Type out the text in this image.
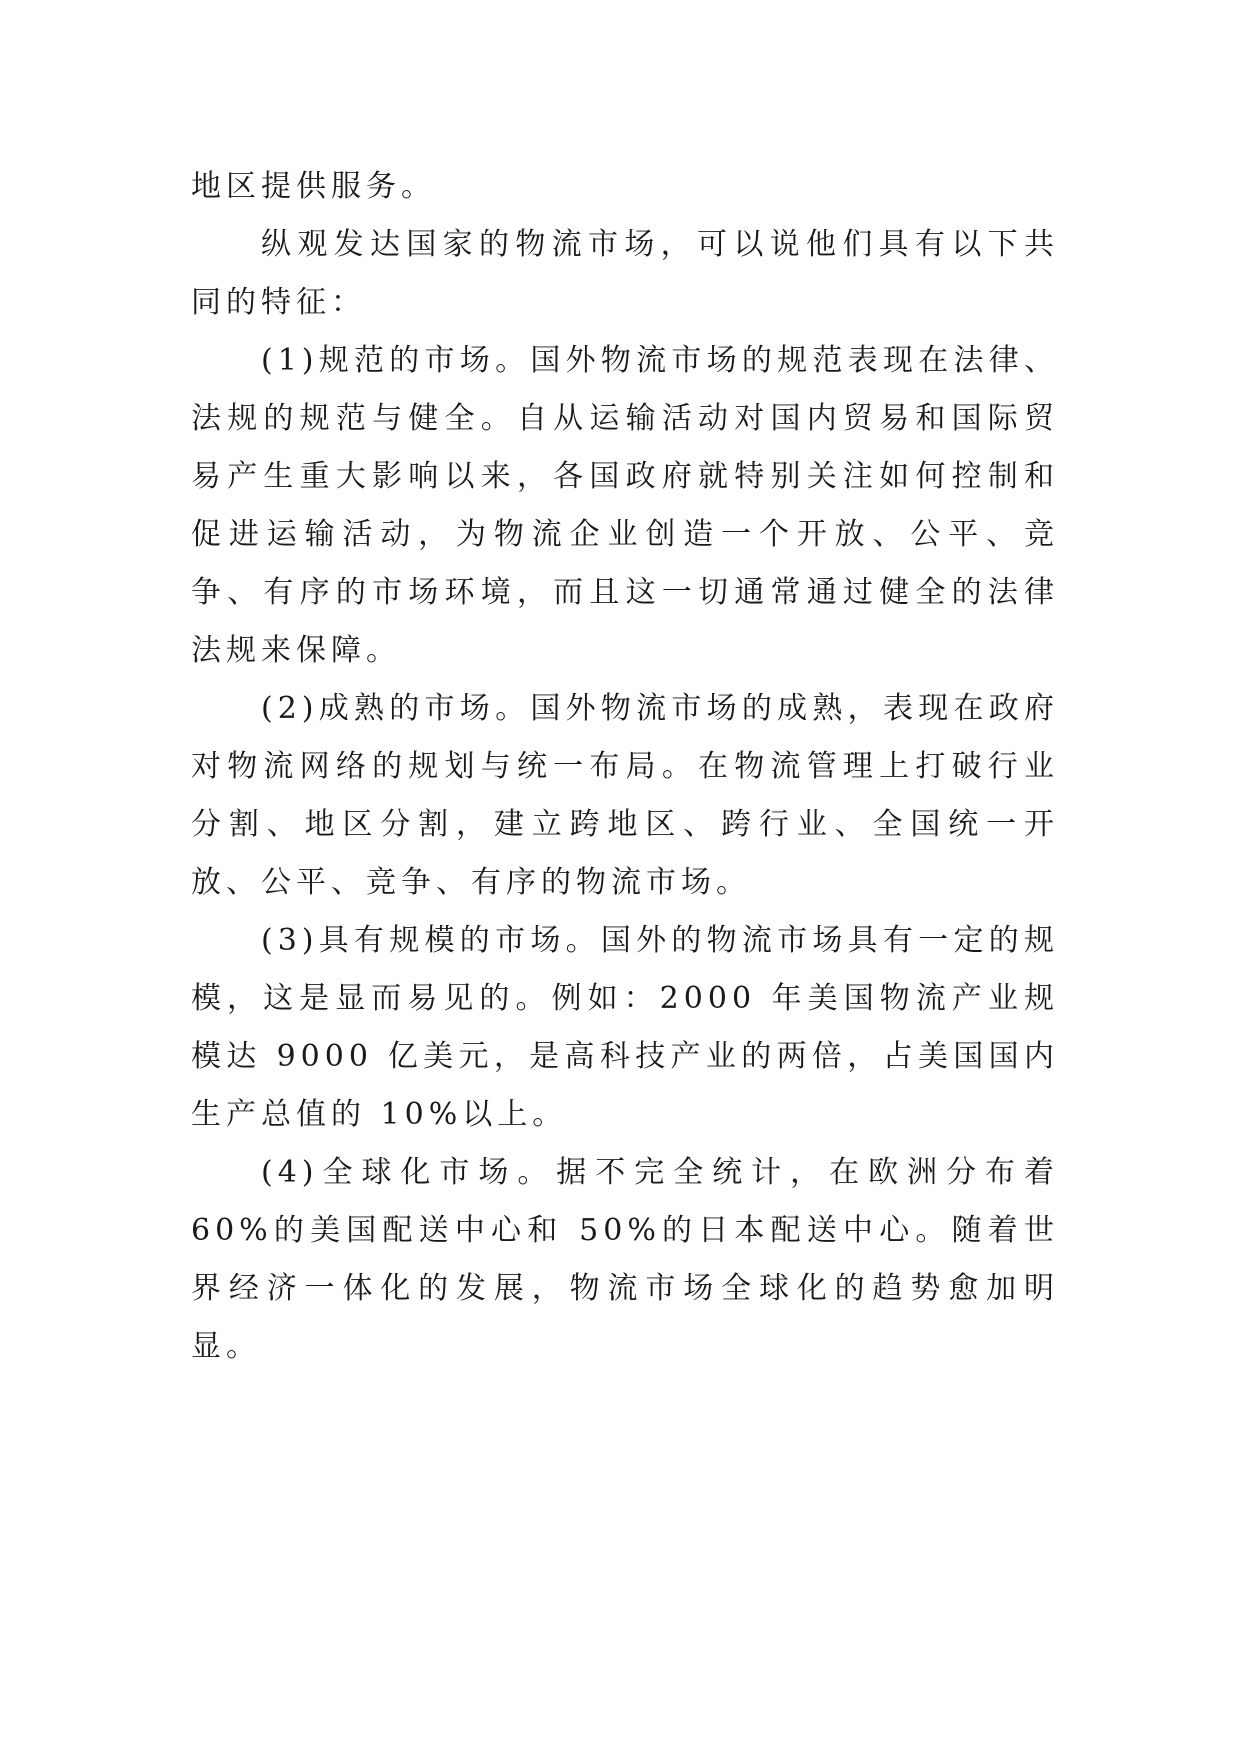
地区提供服务。

纵观发达国家的物流市场，可以说他们具有以下共同的特征：

(1)规范的市场。国外物流市场的规范表现在法律、法规的规范与健全。自从运输活动对国内贸易和国际贸易产生重大影响以来，各国政府就特别关注如何控制和促进运输活动，为物流企业创造一个开放、公平、竞争、有序的市场环境，而且这一切通常通过健全的法律法规来保障。

(2)成熟的市场。国外物流市场的成熟，表现在政府对物流网络的规划与统一布局。在物流管理上打破行业分割、地区分割，建立跨地区、跨行业、全国统一开放、公平、竞争、有序的物流市场。

(3)具有规模的市场。国外的物流市场具有一定的规模，这是显而易见的。例如：2000 年美国物流产业规模达 9000 亿美元，是高科技产业的两倍，占美国国内生产总值的 10%以上。

(4)全球化市场。据不完全统计，在欧洲分布着 60%的美国配送中心和 50%的日本配送中心。随着世界经济一体化的发展，物流市场全球化的趋势愈加明显。
